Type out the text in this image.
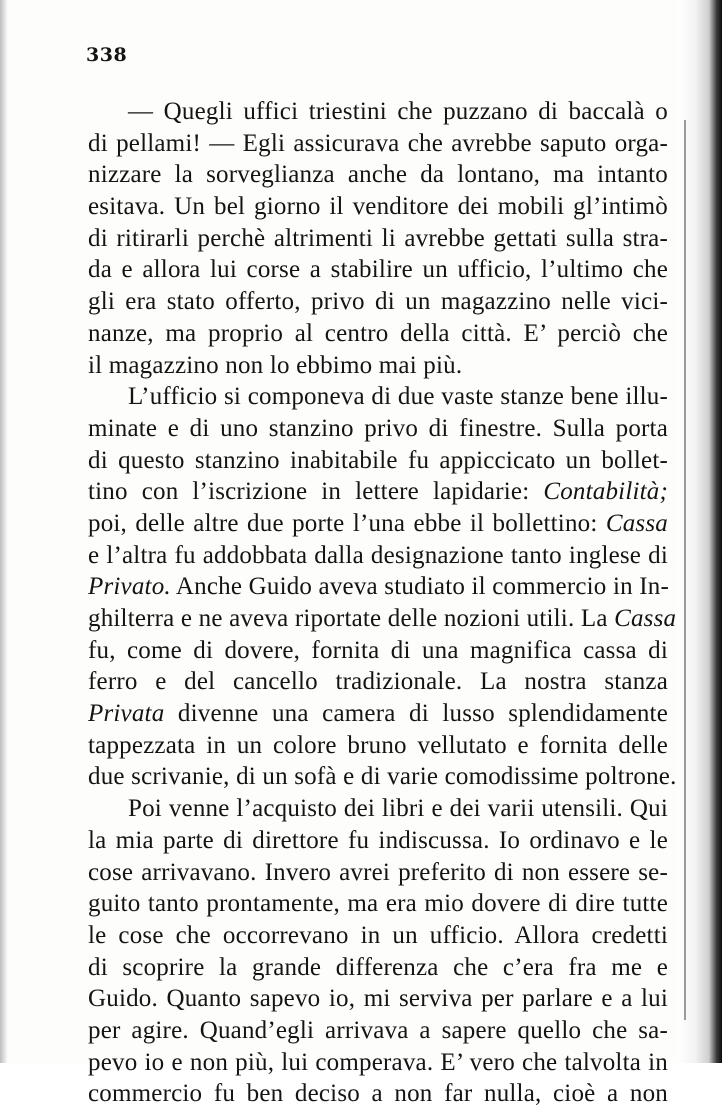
338
— Quegli uffici triestini che puzzano di baccalà o
di pellami! — Egli assicurava che avrebbe saputo orga-
nizzare la sorveglianza anche da lontano, ma intanto
esitava. Un bel giorno il venditore dei mobili gl’intimò
di ritirarli perchè altrimenti li avrebbe gettati sulla stra-
da e allora lui corse a stabilire un ufficio, l’ultimo che
gli era stato offerto, privo di un magazzino nelle vici-
nanze, ma proprio al centro della città. E’ perciò che
il magazzino non lo ebbimo mai più.
L’ufficio si componeva di due vaste stanze bene illu-
minate e di uno stanzino privo di finestre. Sulla porta
di questo stanzino inabitabile fu appiccicato un bollet-
tino con l’iscrizione in lettere lapidarie: Contabilità;
poi, delle altre due porte l’una ebbe il bollettino: Cassa
e l’altra fu addobbata dalla designazione tanto inglese di
Privato. Anche Guido aveva studiato il commercio in In-
ghilterra e ne aveva riportate delle nozioni utili. La Cassa
fu, come di dovere, fornita di una magnifica cassa di
ferro e del cancello tradizionale. La nostra stanza
Privata divenne una camera di lusso splendidamente
tappezzata in un colore bruno vellutato e fornita delle
due scrivanie, di un sofà e di varie comodissime poltrone.
Poi venne l’acquisto dei libri e dei varii utensili. Qui
la mia parte di direttore fu indiscussa. Io ordinavo e le
cose arrivavano. Invero avrei preferito di non essere se-
guito tanto prontamente, ma era mio dovere di dire tutte
le cose che occorrevano in un ufficio. Allora credetti
di scoprire la grande differenza che c’era fra me e
Guido. Quanto sapevo io, mi serviva per parlare e a lui
per agire. Quand’egli arrivava a sapere quello che sa-
pevo io e non più, lui comperava. E’ vero che talvolta in
commercio fu ben deciso a non far nulla, cioè a non
